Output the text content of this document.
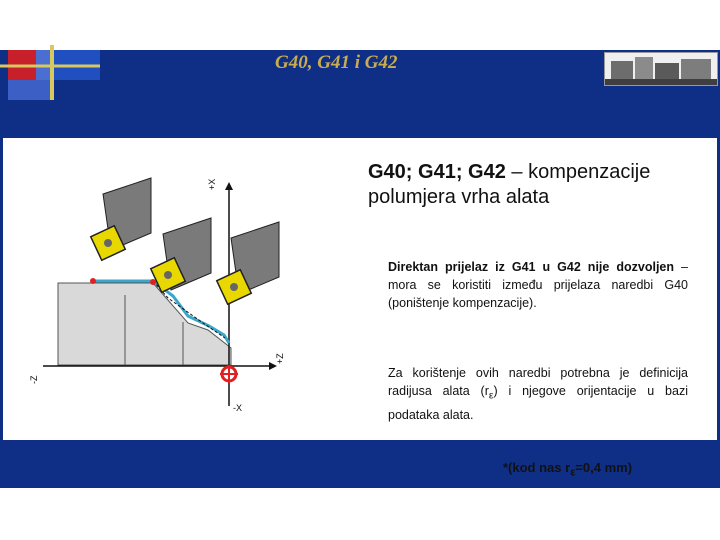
G40, G41 i G42
+X
-X
+Z
-Z

G40; G41; G42 – kompenzacije polumjera vrha alata

Direktan prijelaz iz G41 u G42 nije dozvoljen – mora se koristiti između prijelaza naredbi G40 (poništenje kompenzacije).

Za korištenje ovih naredbi potrebna je definicija radijusa alata $(r_\varepsilon)$ i njegove orijentacije u bazi podataka alata.

*(kod nas $r_\varepsilon=0,4$ mm)
